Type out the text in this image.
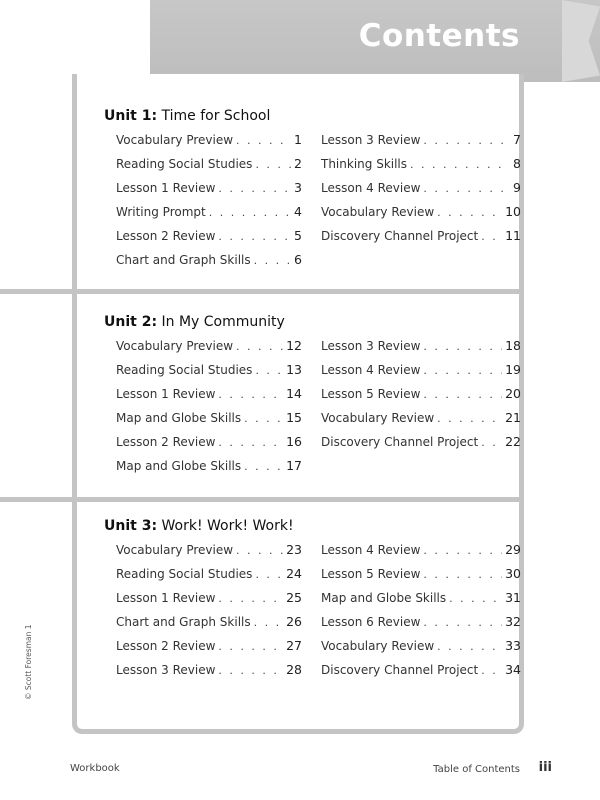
Contents
Unit 1: Time for School
Vocabulary Preview . . .	1
Reading Social Studies . . .	2
Lesson 1 Review . . .	3
Writing Prompt . . .	4
Lesson 2 Review . . .	5
Chart and Graph Skills . . .	6
Lesson 3 Review . . .	7
Thinking Skills . . .	8
Lesson 4 Review . . .	9
Vocabulary Review . . .	10
Discovery Channel Project . . . 11
Unit 2: In My Community
Vocabulary Preview . . .	12
Reading Social Studies . . .	13
Lesson 1 Review . . .	14
Map and Globe Skills . . .	15
Lesson 2 Review . . .	16
Map and Globe Skills . . .	17
Lesson 3 Review . . .	18
Lesson 4 Review . . .	19
Lesson 5 Review . . .	20
Vocabulary Review . . .	21
Discovery Channel Project . . . 22
Unit 3: Work! Work! Work!
Vocabulary Preview . . .	23
Reading Social Studies . . .	24
Lesson 1 Review . . .	25
Chart and Graph Skills . . .	26
Lesson 2 Review . . .	27
Lesson 3 Review . . .	28
Lesson 4 Review . . .	29
Lesson 5 Review . . .	30
Map and Globe Skills . . .	31
Lesson 6 Review . . .	32
Vocabulary Review . . .	33
Discovery Channel Project . . . 34
© Scott Foresman 1
Workbook	Table of Contents iii
